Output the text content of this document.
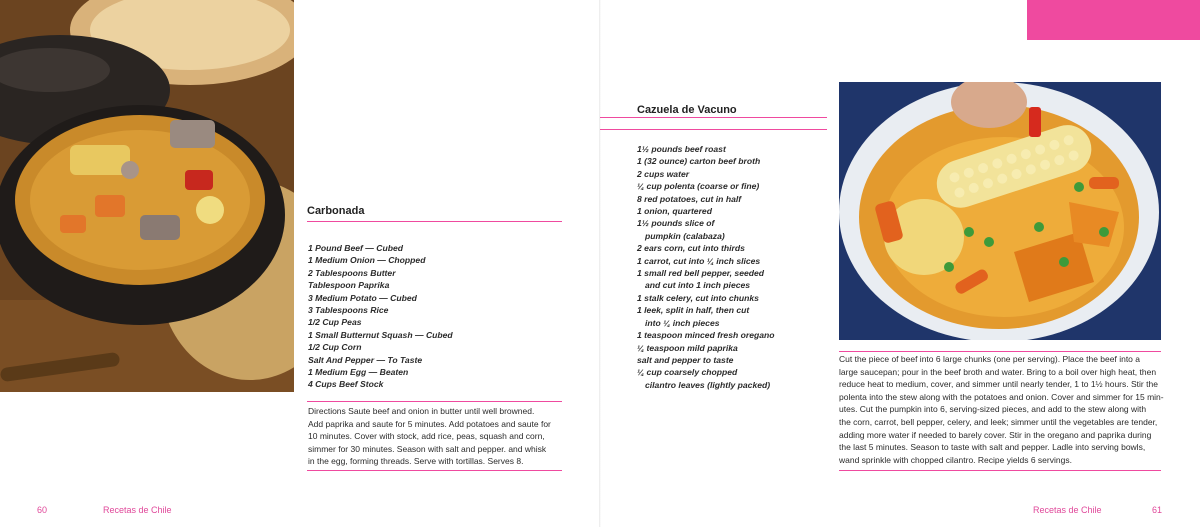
Carbonada
1 Pound Beef — Cubed
1 Medium Onion — Chopped
2 Tablespoons Butter
Tablespoon Paprika
3 Medium Potato — Cubed
3 Tablespoons Rice
1/2 Cup Peas
1 Small Butternut Squash — Cubed
1/2 Cup Corn
Salt And Pepper — To Taste
1 Medium Egg — Beaten
4 Cups Beef Stock
Directions Saute beef and onion in butter until well browned.
Add paprika and saute for 5 minutes. Add potatoes and saute for
10 minutes. Cover with stock, add rice, peas, squash and corn,
simmer for 30 minutes. Season with salt and pepper. and whisk
in the egg, forming threads. Serve with tortillas. Serves 8.
60	Recetas de Chile
Cazuela de Vacuno
1½ pounds beef roast
1 (32 ounce) carton beef broth
2 cups water
¼ cup polenta (coarse or fine)
8 red potatoes, cut in half
1 onion, quartered
1½ pounds slice of
pumpkin (calabaza)
2 ears corn, cut into thirds
1 carrot, cut into ¼ inch slices
1 small red bell pepper, seeded
and cut into 1 inch pieces
1 stalk celery, cut into chunks
1 leek, split in half, then cut
into ¼ inch pieces
1 teaspoon minced fresh oregano
¼ teaspoon mild paprika
salt and pepper to taste
¼ cup coarsely chopped
cilantro leaves (lightly packed)
Cut the piece of beef into 6 large chunks (one per serving). Place the beef into a
large saucepan; pour in the beef broth and water. Bring to a boil over high heat, then
reduce heat to medium, cover, and simmer until nearly tender, 1 to 1½ hours. Stir the
polenta into the stew along with the potatoes and onion. Cover and simmer for 15 min-
utes. Cut the pumpkin into 6, serving-sized pieces, and add to the stew along with
the corn, carrot, bell pepper, celery, and leek; simmer until the vegetables are tender,
adding more water if needed to barely cover. Stir in the oregano and paprika during
the last 5 minutes. Season to taste with salt and pepper. Ladle into serving bowls,
wand sprinkle with chopped cilantro. Recipe yields 6 servings.
Recetas de Chile	61
